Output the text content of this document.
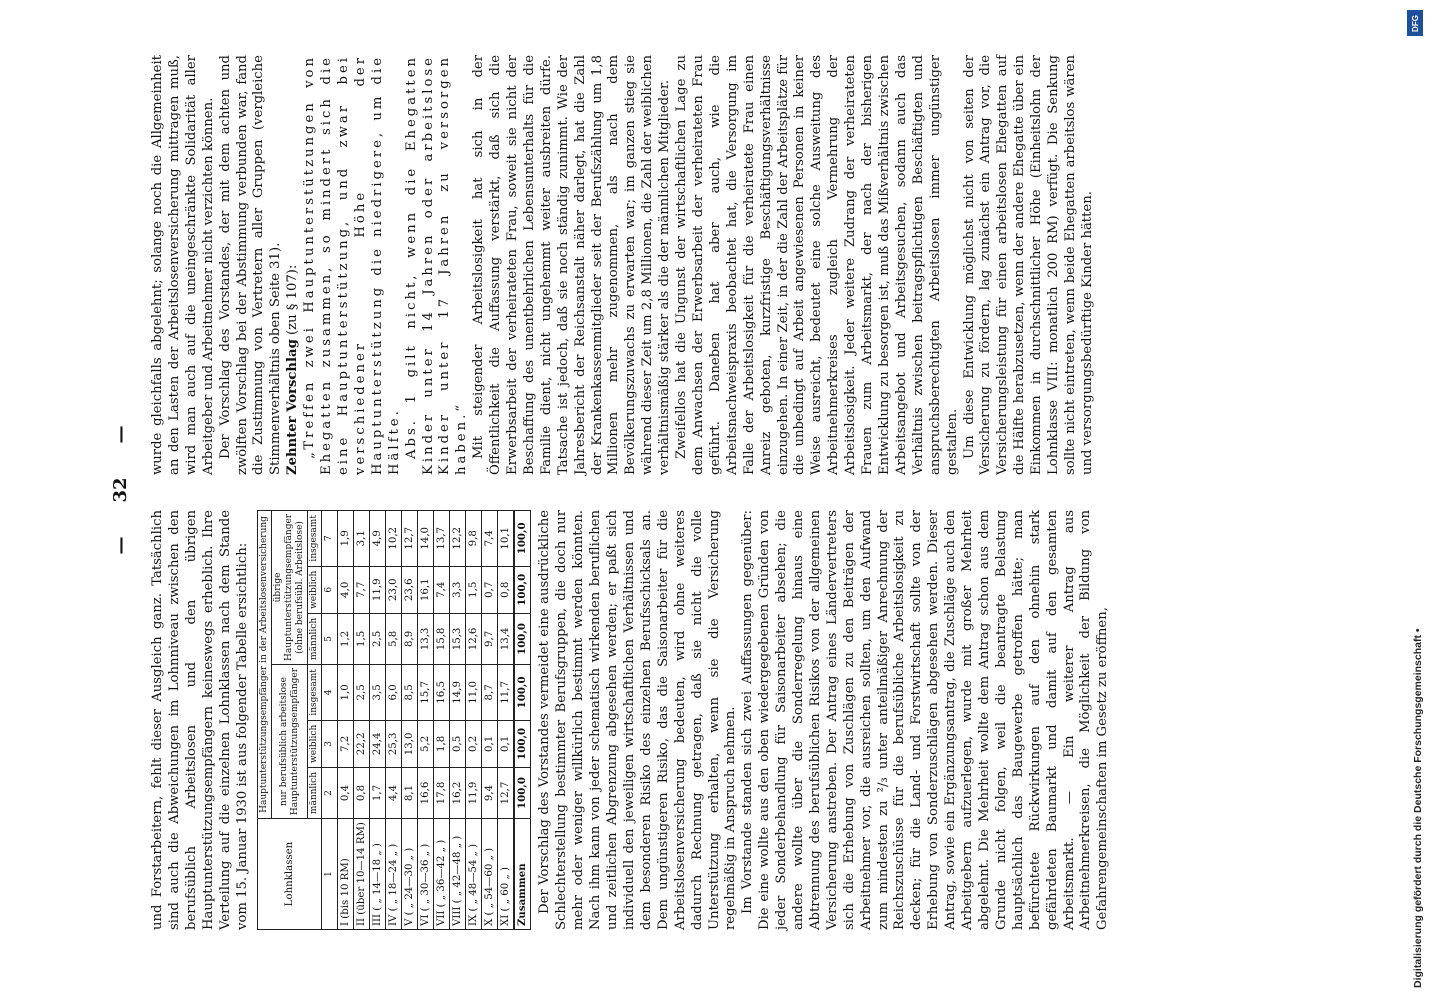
—
32
—

und Forstarbeitern, fehlt dieser Ausgleich ganz. Tatsächlich sind auch die Abweichungen im Lohnniveau zwischen den berufsüblich Arbeitslosen und den übrigen Hauptunterstützungsempfängern keineswegs erheblich. Ihre Verteilung auf die einzelnen Lohnklassen nach dem Stande vom 15. Januar 1930 ist aus folgender Tabelle ersichtlich:	Lohnklassen	Hauptunterstützungsempfänger in der Arbeitslosenversicherung					
	nur berufsüblich arbeitslose Hauptunterstützungsempfänger			übrige Hauptunterstützungsempfänger (ohne berufsübl. Arbeitslose)		
	männlich	weiblich	insgesamt	männlich	weiblich	insgesamt
1	2	3	4	5	6	7
I (bis 10 RM)	0,4	7,2	1,0	1,2	4,0	1,9
II (über 10—14 RM)	0,8	22,2	2,5	1,5	7,7	3,1
III ( „ 14—18 „ )	1,7	24,4	3,5	2,5	11,9	4,9
IV ( „ 18—24 „ )	4,4	25,3	6,0	5,8	23,0	10,2
V ( „ 24—30 „ )	8,1	13,0	8,5	8,9	23,6	12,7
VI ( „ 30—36 „ )	16,6	5,2	15,7	13,3	16,1	14,0
VII ( „ 36—42 „ )	17,8	1,8	16,5	15,8	7,4	13,7
VIII ( „ 42—48 „ )	16,2	0,5	14,9	15,3	3,3	12,2
IX ( „ 48—54 „ )	11,9	0,2	11,0	12,6	1,5	9,8
X ( „ 54—60 „ )	9,4	0,1	8,7	9,7	0,7	7,4
XI ( „ 60 „ )	12,7	0,1	11,7	13,4	0,8	10,1
Zusammen	100,0	100,0	100,0	100,0	100,0	100,0 Der Vorschlag des Vorstandes vermeidet eine ausdrückliche Schlechterstellung bestimmter Berufsgruppen, die doch nur mehr oder weniger willkürlich bestimmt werden könnten. Nach ihm kann von jeder schematisch wirkenden beruflichen und zeitlichen Abgrenzung abgesehen werden; er paßt sich individuell den jeweiligen wirtschaftlichen Verhältnissen und dem besonderen Risiko des einzelnen Berufsschicksals an. Dem ungünstigeren Risiko, das die Saisonarbeiter für die Arbeitslosenversicherung bedeuten, wird ohne weiteres dadurch Rechnung getragen, daß sie nicht die volle Unterstützung erhalten, wenn sie die Versicherung regelmäßig in Anspruch nehmen. Im Vorstande standen sich zwei Auffassungen gegenüber: Die eine wollte aus den oben wiedergegebenen Gründen von jeder Sonderbehandlung für Saisonarbeiter absehen; die andere wollte über die Sonderregelung hinaus eine Abtrennung des berufsüblichen Risikos von der allgemeinen Versicherung anstreben. Der Antrag eines Ländervertreters sich die Erhebung von Zuschlägen zu den Beiträgen der Arbeitnehmer vor, die ausreichen sollten, um den Aufwand zum mindesten zu ²/₃ unter anteilmäßiger Anrechnung der Reichszuschüsse für die berufsübliche Arbeitslosigkeit zu decken; für die Land- und Forstwirtschaft sollte von der Erhebung von Sonderzuschlägen abgesehen werden. Dieser Antrag, sowie ein Ergänzungsantrag, die Zuschläge auch den Arbeitgebern aufzuerlegen, wurde mit großer Mehrheit abgelehnt. Die Mehrheit wollte dem Antrag schon aus dem Grunde nicht folgen, weil die beantragte Belastung hauptsächlich das Baugewerbe getroffen hätte; man befürchtete Rückwirkungen auf den ohnehin stark gefährdeten Baumarkt und damit auf den gesamten Arbeitsmarkt. — Ein weiterer Antrag aus Arbeitnehmerkreisen, die Möglichkeit der Bildung von Gefahrengemeinschaften im Gesetz zu eröffnen,

wurde gleichfalls abgelehnt; solange noch die Allgemeinheit an den Lasten der Arbeitslosenversicherung mittragen muß, wird man auch auf die uneingeschränkte Solidarität aller Arbeitgeber und Arbeitnehmer nicht verzichten können. Der Vorschlag des Vorstandes, der mit dem achten und zwölften Vorschlag bei der Abstimmung verbunden war, fand die Zustimmung von Vertretern aller Gruppen (vergleiche Stimmenverhältnis oben Seite 31). Zehnter Vorschlag (zu § 107): „Treffen zwei Hauptunterstützungen von Ehegatten zusammen, so mindert sich die eine Hauptunterstützung, und zwar bei verschiedener Höhe der Hauptunterstützung die niedrigere, um die Hälfte. Abs. 1 gilt nicht, wenn die Ehegatten Kinder unter 14 Jahren oder arbeitslose Kinder unter 17 Jahren zu versorgen haben.“ Mit steigender Arbeitslosigkeit hat sich in der Öffentlichkeit die Auffassung verstärkt, daß sich die Erwerbsarbeit der verheirateten Frau, soweit sie nicht der Beschaffung des unentbehrlichen Lebensunterhalts für die Familie dient, nicht ungehemmt weiter ausbreiten dürfe. Tatsache ist jedoch, daß sie noch ständig zunimmt. Wie der Jahresbericht der Reichsanstalt näher darlegt, hat die Zahl der Krankenkassenmitglieder seit der Berufszählung um 1,8 Millionen mehr zugenommen, als nach dem Bevölkerungszuwachs zu erwarten war; im ganzen stieg sie während dieser Zeit um 2,8 Millionen, die Zahl der weiblichen verhältnismäßig stärker als die der männlichen Mitglieder. Zweifellos hat die Ungunst der wirtschaftlichen Lage zu dem Anwachsen der Erwerbsarbeit der verheirateten Frau geführt. Daneben hat aber auch, wie die Arbeitsnachweispraxis beobachtet hat, die Versorgung im Falle der Arbeitslosigkeit für die verheiratete Frau einen Anreiz geboten, kurzfristige Beschäftigungsverhältnisse einzugehen. In einer Zeit, in der die Zahl der Arbeitsplätze für die unbedingt auf Arbeit angewiesenen Personen in keiner Weise ausreicht, bedeutet eine solche Ausweitung des Arbeitnehmerkreises zugleich Vermehrung der Arbeitslosigkeit. Jeder weitere Zudrang der verheirateten Frauen zum Arbeitsmarkt, der nach der bisherigen Entwicklung zu besorgen ist, muß das Mißverhältnis zwischen Arbeitsangebot und Arbeitsgesuchen, sodann auch das Verhältnis zwischen beitragspflichtigen Beschäftigten und anspruchsberechtigten Arbeitslosen immer ungünstiger gestalten. Um diese Entwicklung möglichst nicht von seiten der Versicherung zu fördern, lag zunächst ein Antrag vor, die Versicherungsleistung für einen arbeitslosen Ehegatten auf die Hälfte herabzusetzen, wenn der andere Ehegatte über ein Einkommen in durchschnittlicher Höhe (Einheitslohn der Lohnklasse VIII: monatlich 200 RM) verfügt. Die Senkung sollte nicht eintreten, wenn beide Ehegatten arbeitslos wären und versorgungsbedürftige Kinder hätten.

Digitalisierung gefördert durch die Deutsche Forschungsgemeinschaft •
DFG
